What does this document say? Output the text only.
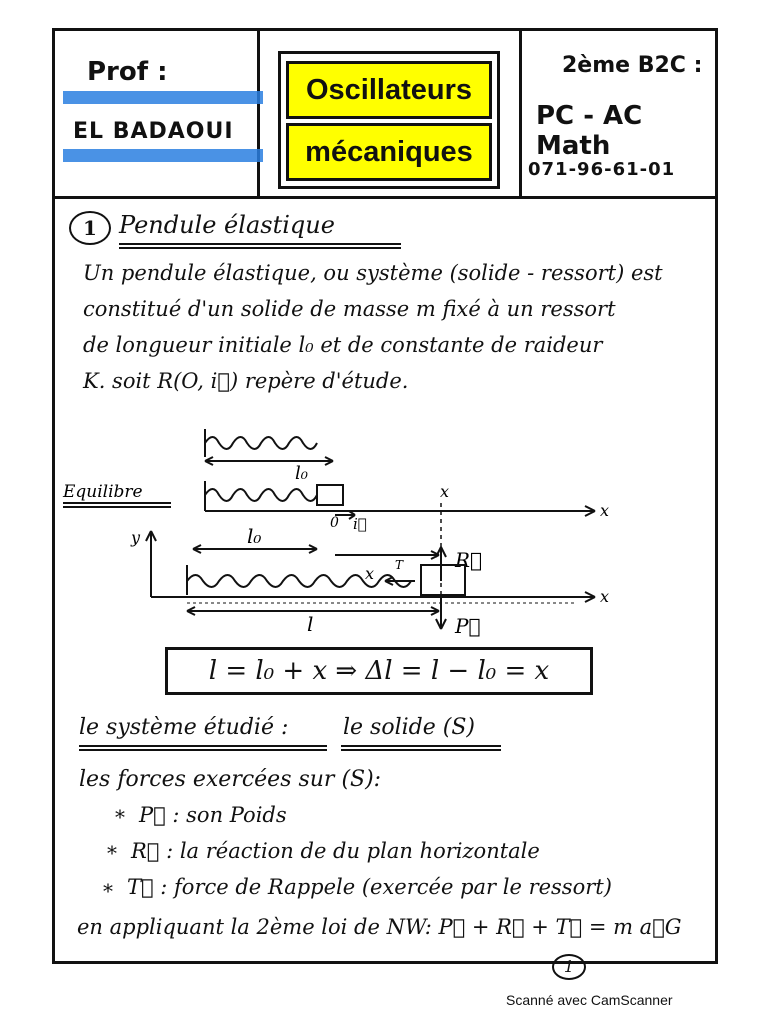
Prof :
EL BADAOUI
Oscillateurs
mécaniques
2ème B2C :
PC - AC Math
071-96-61-01
1 Pendule élastique
Un pendule élastique, ou système (solide - ressort) est
constitué d'un solide de masse m fixé à un ressort
de longueur initiale l₀ et de constante de raideur
K. soit R(O, i⃗) repère d'étude.
l₀
Equilibre	x
x
0 i⃗
y
x
l₀
x
R⃗
T
l	P⃗
l = l₀ + x ⇒ Δl = l − l₀ = x
le système étudié : le solide (S)
les forces exercées sur (S):
* P⃗ : son Poids
* R⃗ : la réaction de du plan horizontale
* T⃗ : force de Rappele (exercée par le ressort)
en appliquant la 2ème loi de NW: P⃗ + R⃗ + T⃗ = m a⃗G
1
Scanné avec CamScanner
